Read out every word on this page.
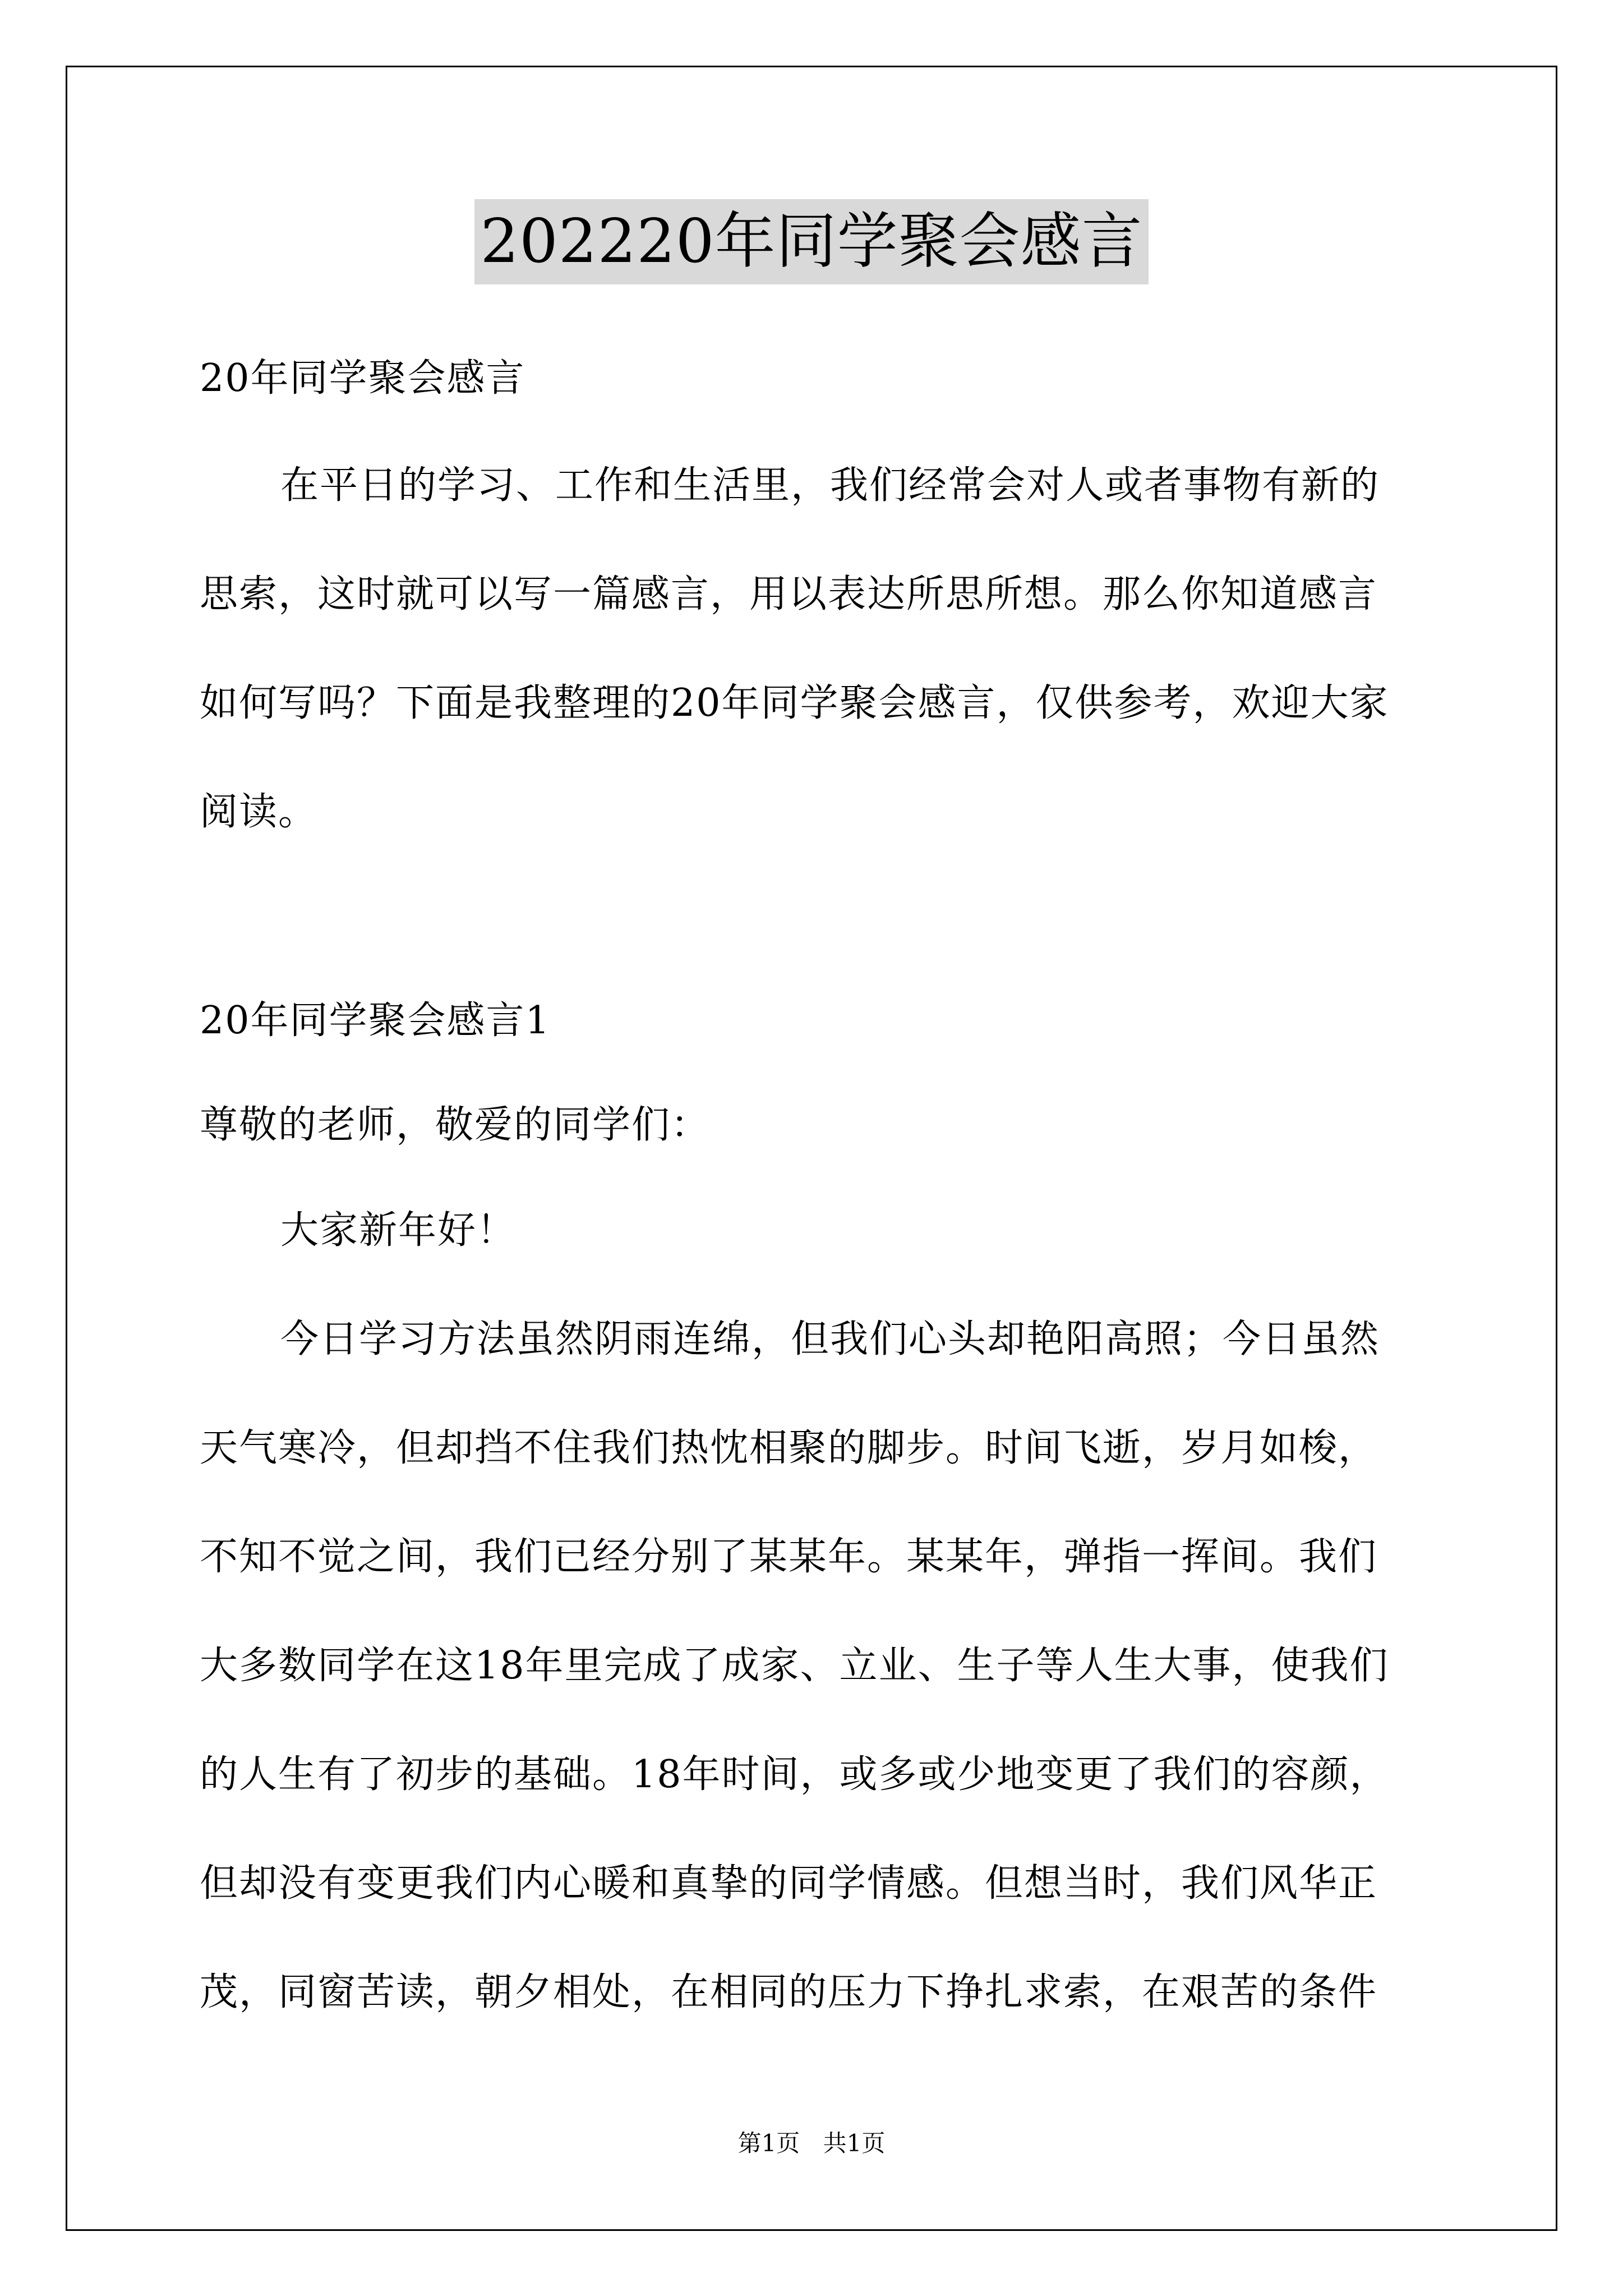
202220年同学聚会感言
20年同学聚会感言
在平日的学习、工作和生活里，我们经常会对人或者事物有新的
思索，这时就可以写一篇感言，用以表达所思所想。那么你知道感言
如何写吗？下面是我整理的20年同学聚会感言，仅供参考，欢迎大家
阅读。
20年同学聚会感言1
尊敬的老师，敬爱的同学们：
大家新年好！
今日学习方法虽然阴雨连绵，但我们心头却艳阳高照；今日虽然
天气寒冷，但却挡不住我们热忱相聚的脚步。时间飞逝，岁月如梭，
不知不觉之间，我们已经分别了某某年。某某年，弹指一挥间。我们
大多数同学在这18年里完成了成家、立业、生子等人生大事，使我们
的人生有了初步的基础。18年时间，或多或少地变更了我们的容颜，
但却没有变更我们内心暖和真挚的同学情感。但想当时，我们风华正
茂，同窗苦读，朝夕相处，在相同的压力下挣扎求索，在艰苦的条件
第1页 共1页
